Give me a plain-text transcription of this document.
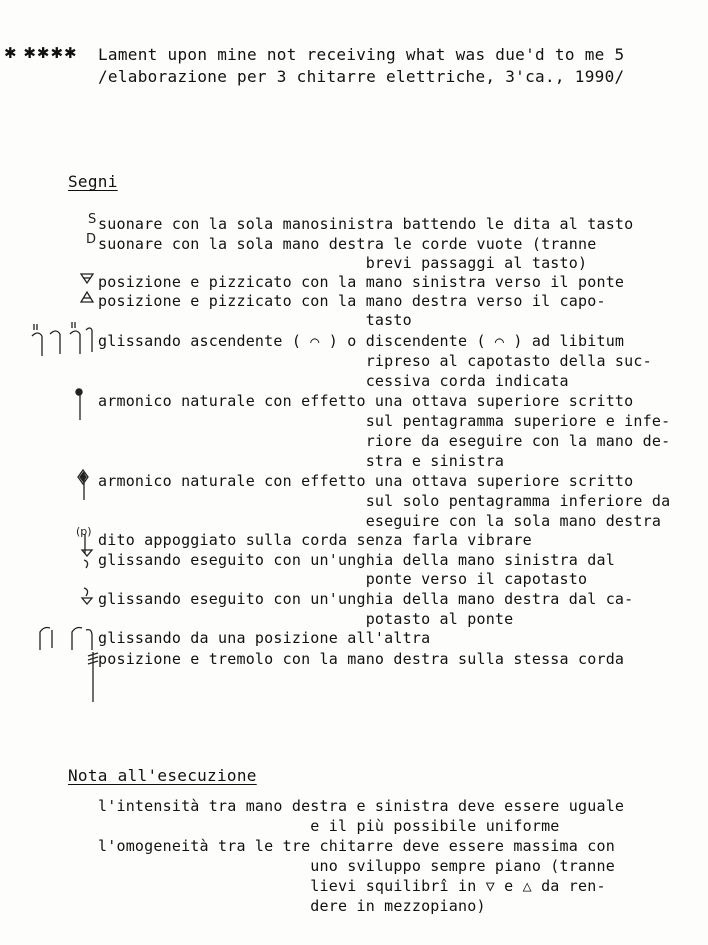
✱ ✱✱✱✱ Lament upon mine not receiving what was due'd to me 5
/elaborazione per 3 chitarre elettriche, 3'ca., 1990/
Segni
S
D
(p)
suonare con la sola manosinistra battendo le dita al tasto
suonare con la sola mano destra le corde vuote (tranne
brevi passaggi al tasto)
posizione e pizzicato con la mano sinistra verso il ponte
posizione e pizzicato con la mano destra verso il capo-
tasto
glissando ascendente ( ⌒ ) o discendente ( ⌒ ) ad libitum
ripreso al capotasto della suc-
cessiva corda indicata
armonico naturale con effetto una ottava superiore scritto
sul pentagramma superiore e infe-
riore da eseguire con la mano de-
stra e sinistra
armonico naturale con effetto una ottava superiore scritto
sul solo pentagramma inferiore da
eseguire con la sola mano destra
dito appoggiato sulla corda senza farla vibrare
glissando eseguito con un'unghia della mano sinistra dal
ponte verso il capotasto
glissando eseguito con un'unghia della mano destra dal ca-
potasto al ponte
glissando da una posizione all'altra
posizione e tremolo con la mano destra sulla stessa corda
Nota all'esecuzione
l'intensità tra mano destra e sinistra deve essere uguale
e il più possibile uniforme
l'omogeneità tra le tre chitarre deve essere massima con
uno sviluppo sempre piano (tranne
lievi squilibrî in ▽ e △ da ren-
dere in mezzopiano)
